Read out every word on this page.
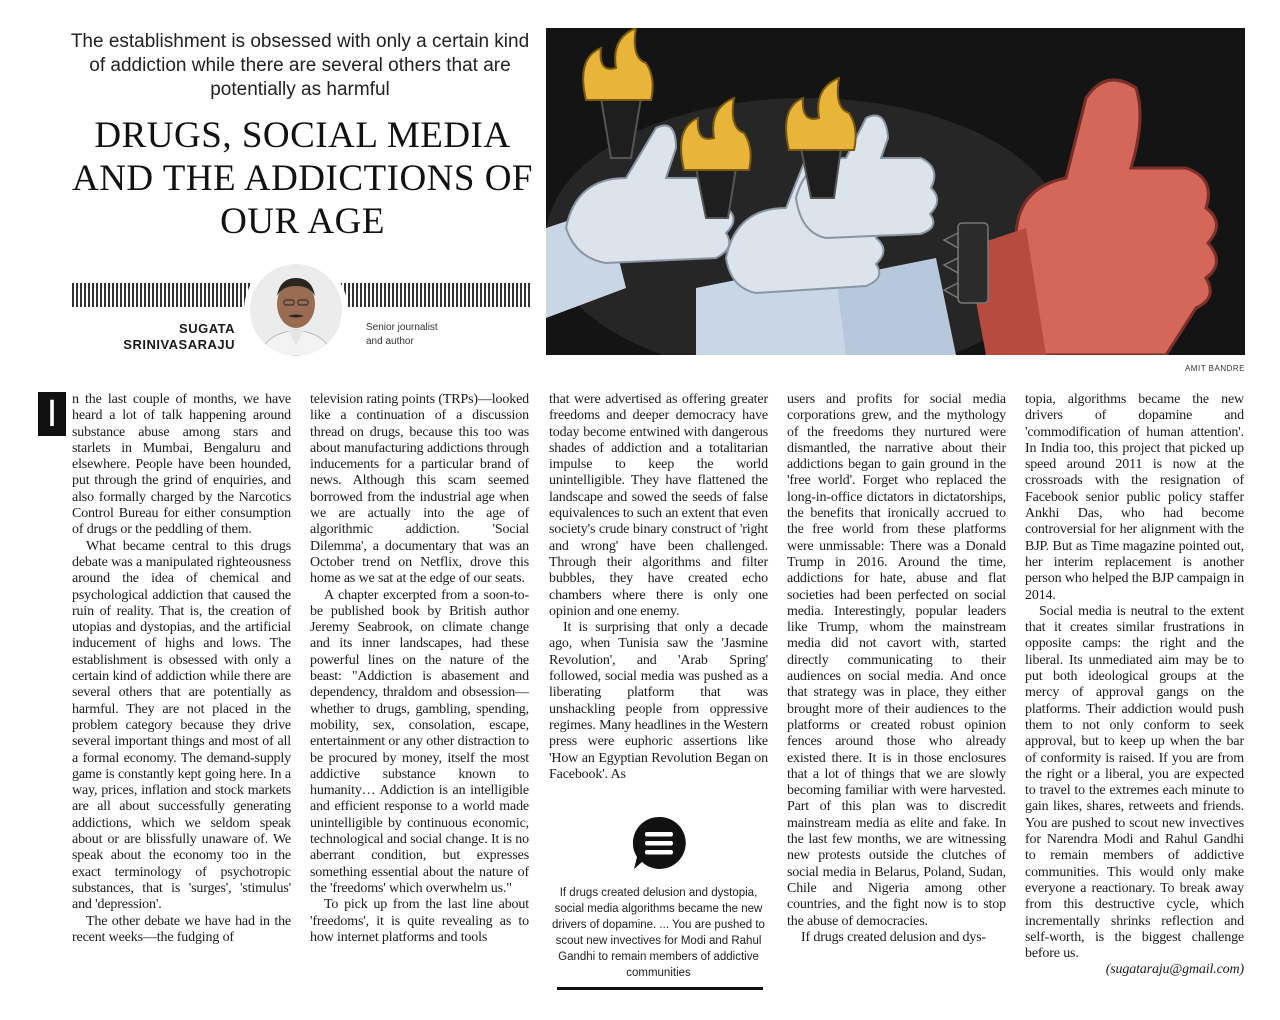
The establishment is obsessed with only a certain kind of addiction while there are several others that are potentially as harmful
DRUGS, SOCIAL MEDIA AND THE ADDICTIONS OF OUR AGE
SUGATA SRINIVASARAJU
Senior journalist and author
AMIT BANDRE
I	n the last couple of months, we have heard a lot of talk happening around substance abuse among stars and starlets in Mumbai, Bengaluru and elsewhere. People have been hounded, put through the grind of enquiries, and also formally charged by the Narcotics Control Bureau for either consumption of drugs or the peddling of them.

What became central to this drugs debate was a manipulated righteousness around the idea of chemical and psychological addiction that caused the ruin of reality. That is, the creation of utopias and dystopias, and the artificial inducement of highs and lows. The establishment is obsessed with only a certain kind of addiction while there are several others that are potentially as harmful. They are not placed in the problem category because they drive several important things and most of all a formal economy. The demand-supply game is constantly kept going here. In a way, prices, inflation and stock markets are all about successfully generating addictions, which we seldom speak about or are blissfully unaware of. We speak about the economy too in the exact terminology of psychotropic substances, that is 'surges', 'stimulus' and 'depression'.

The other debate we have had in the recent weeks—the fudging of

television rating points (TRPs)—looked like a continuation of a discussion thread on drugs, because this too was about manufacturing addictions through inducements for a particular brand of news. Although this scam seemed borrowed from the industrial age when we are actually into the age of algorithmic addiction. 'Social Dilemma', a documentary that was an October trend on Netflix, drove this home as we sat at the edge of our seats.

A chapter excerpted from a soon-to-be published book by British author Jeremy Seabrook, on climate change and its inner landscapes, had these powerful lines on the nature of the beast: "Addiction is abasement and dependency, thraldom and obsession—whether to drugs, gambling, spending, mobility, sex, consolation, escape, entertainment or any other distraction to be procured by money, itself the most addictive substance known to humanity… Addiction is an intelligible and efficient response to a world made unintelligible by continuous economic, technological and social change. It is no aberrant condition, but expresses something essential about the nature of the 'freedoms' which overwhelm us."

To pick up from the last line about 'freedoms', it is quite revealing as to how internet platforms and tools

that were advertised as offering greater freedoms and deeper democracy have today become entwined with dangerous shades of addiction and a totalitarian impulse to keep the world unintelligible. They have flattened the landscape and sowed the seeds of false equivalences to such an extent that even society's crude binary construct of 'right and wrong' have been challenged. Through their algorithms and filter bubbles, they have created echo chambers where there is only one opinion and one enemy.

It is surprising that only a decade ago, when Tunisia saw the 'Jasmine Revolution', and 'Arab Spring' followed, social media was pushed as a liberating platform that was unshackling people from oppressive regimes. Many headlines in the Western press were euphoric assertions like 'How an Egyptian Revolution Began on Facebook'. As

If drugs created delusion and dystopia, social media algorithms became the new drivers of dopamine. ... You are pushed to scout new invectives for Modi and Rahul Gandhi to remain members of addictive communities

users and profits for social media corporations grew, and the mythology of the freedoms they nurtured were dismantled, the narrative about their addictions began to gain ground in the 'free world'. Forget who replaced the long-in-office dictators in dictatorships, the benefits that ironically accrued to the free world from these platforms were unmissable: There was a Donald Trump in 2016. Around the time, addictions for hate, abuse and flat societies had been perfected on social media. Interestingly, popular leaders like Trump, whom the mainstream media did not cavort with, started directly communicating to their audiences on social media. And once that strategy was in place, they either brought more of their audiences to the platforms or created robust opinion fences around those who already existed there. It is in those enclosures that a lot of things that we are slowly becoming familiar with were harvested. Part of this plan was to discredit mainstream media as elite and fake. In the last few months, we are witnessing new protests outside the clutches of social media in Belarus, Poland, Sudan, Chile and Nigeria among other countries, and the fight now is to stop the abuse of democracies.

If drugs created delusion and dys-

topia, algorithms became the new drivers of dopamine and 'commodification of human attention'. In India too, this project that picked up speed around 2011 is now at the crossroads with the resignation of Facebook senior public policy staffer Ankhi Das, who had become controversial for her alignment with the BJP. But as Time magazine pointed out, her interim replacement is another person who helped the BJP campaign in 2014.

Social media is neutral to the extent that it creates similar frustrations in opposite camps: the right and the liberal. Its unmediated aim may be to put both ideological groups at the mercy of approval gangs on the platforms. Their addiction would push them to not only conform to seek approval, but to keep up when the bar of conformity is raised. If you are from the right or a liberal, you are expected to travel to the extremes each minute to gain likes, shares, retweets and friends. You are pushed to scout new invectives for Narendra Modi and Rahul Gandhi to remain members of addictive communities. This would only make everyone a reactionary. To break away from this destructive cycle, which incrementally shrinks reflection and self-worth, is the biggest challenge before us.

(sugataraju@gmail.com)
